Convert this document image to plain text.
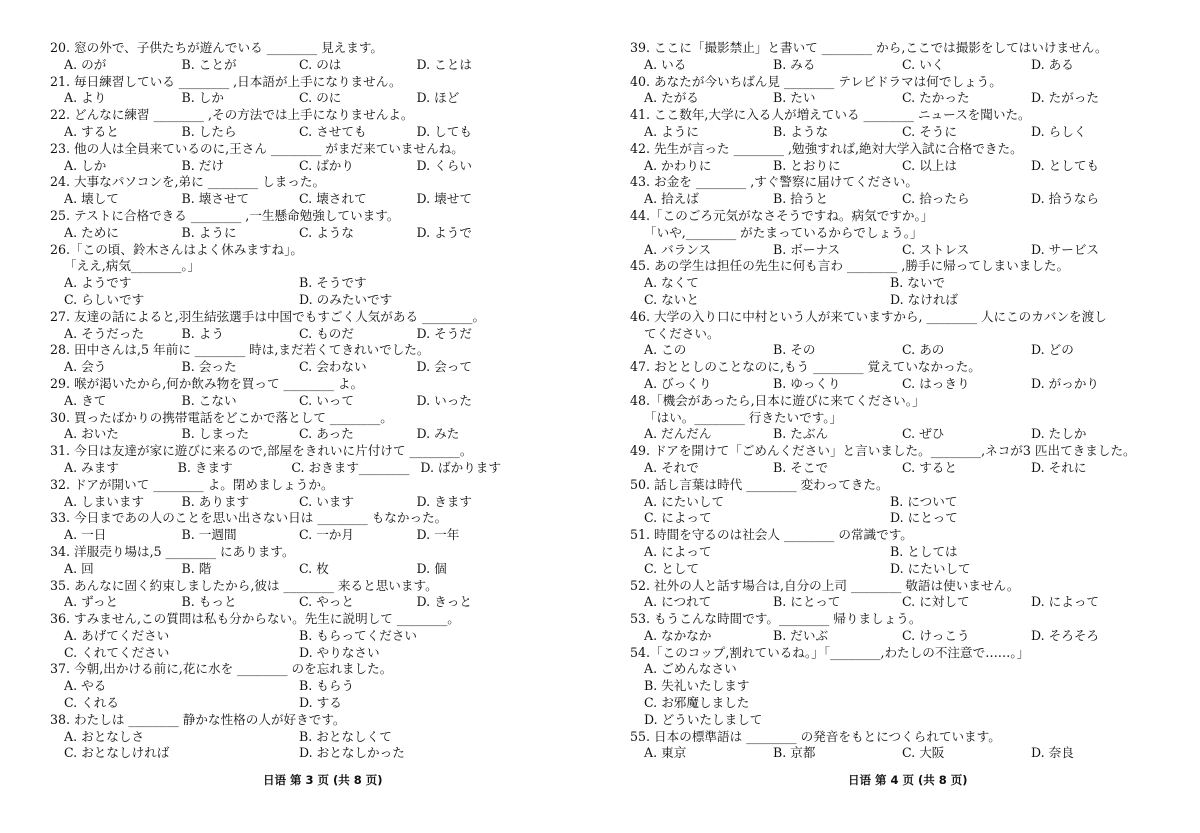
20. 窓の外で、子供たちが遊んでいる ________ 見えます。
A. のが	B. ことが	C. のは	D. ことは
21. 毎日練習している ________ ,日本語が上手になりません。
A. より	B. しか	C. のに	D. ほど
22. どんなに練習 ________ ,その方法では上手になりませんよ。
A. すると	B. したら	C. させても	D. しても
23. 他の人は全員来ているのに,王さん ________ がまだ来ていませんね。
A. しか	B. だけ	C. ばかり	D. くらい
24. 大事なパソコンを,弟に ________ しまった。
A. 壊して	B. 壊させて	C. 壊されて	D. 壊せて
25. テストに合格できる ________ ,一生懸命勉強しています。
A. ために	B. ように	C. ような	D. ようで
26.「この頃、鈴木さんはよく休みますね」。
「ええ,病気________。」
A. ようです	B. そうです
C. らしいです	D. のみたいです
27. 友達の話によると,羽生結弦選手は中国でもすごく人気がある ________。
A. そうだった	B. よう	C. ものだ	D. そうだ
28. 田中さんは,5 年前に ________ 時は,まだ若くてきれいでした。
A. 会う	B. 会った	C. 会わない	D. 会って
29. 喉が渇いたから,何か飲み物を買って ________ よ。
A. きて	B. こない	C. いって	D. いった
30. 買ったばかりの携帯電話をどこかで落として ________。
A. おいた	B. しまった	C. あった	D. みた
31. 今日は友達が家に遊びに来るので,部屋をきれいに片付けて ________。
A. みます	B. きます	C. おきます________ D. ばかります
32. ドアが開いて ________ よ。閉めましょうか。
A. しまいます	B. あります	C. います	D. きます
33. 今日まであの人のことを思い出さない日は ________ もなかった。
A. 一日	B. 一週間	C. 一か月	D. 一年
34. 洋服売り場は,5 ________ にあります。
A. 回	B. 階	C. 枚	D. 個
35. あんなに固く約束しましたから,彼は ________ 来ると思います。
A. ずっと	B. もっと	C. やっと	D. きっと
36. すみません,この質問は私も分からない。先生に説明して ________。
A. あげてください	B. もらってください
C. くれてください	D. やりなさい
37. 今朝,出かける前に,花に水を ________ のを忘れました。
A. やる	B. もらう
C. くれる	D. する
38. わたしは ________ 静かな性格の人が好きです。
A. おとなしさ	B. おとなしくて
C. おとなしければ	D. おとなしかった
39. ここに「撮影禁止」と書いて ________ から,ここでは撮影をしてはいけません。
A. いる	B. みる	C. いく	D. ある
40. あなたが今いちばん見 ________ テレビドラマは何でしょう。
A. たがる	B. たい	C. たかった	D. たがった
41. ここ数年,大学に入る人が増えている ________ ニュースを聞いた。
A. ように	B. ような	C. そうに	D. らしく
42. 先生が言った ________ ,勉強すれば,絶対大学入試に合格できた。
A. かわりに	B. とおりに	C. 以上は	D. としても
43. お金を ________ ,すぐ警察に届けてください。
A. 拾えば	B. 拾うと	C. 拾ったら	D. 拾うなら
44.「このごろ元気がなさそうですね。病気ですか。」
「いや,________ がたまっているからでしょう。」
A. バランス	B. ボーナス	C. ストレス	D. サービス
45. あの学生は担任の先生に何も言わ ________ ,勝手に帰ってしまいました。
A. なくて	B. ないで
C. ないと	D. なければ
46. 大学の入り口に中村という人が来ていますから, ________ 人にこのカバンを渡し
てください。
A. この	B. その	C. あの	D. どの
47. おととしのことなのに,もう ________ 覚えていなかった。
A. びっくり	B. ゆっくり	C. はっきり	D. がっかり
48.「機会があったら,日本に遊びに来てください。」
「はい。________ 行きたいです。」
A. だんだん	B. たぶん	C. ぜひ	D. たしか
49. ドアを開けて「ごめんください」と言いました。________,ネコが3 匹出てきました。
A. それで	B. そこで	C. すると	D. それに
50. 話し言葉は時代 ________ 変わってきた。
A. にたいして	B. について
C. によって	D. にとって
51. 時間を守るのは社会人 ________ の常識です。
A. によって	B. としては
C. として	D. にたいして
52. 社外の人と話す場合は,自分の上司 ________ 敬語は使いません。
A. につれて	B. にとって	C. に対して	D. によって
53. もうこんな時間です。________ 帰りましょう。
A. なかなか	B. だいぶ	C. けっこう	D. そろそろ
54.「このコップ,割れているね。」「________,わたしの不注意で……。」
A. ごめんなさい
B. 失礼いたします
C. お邪魔しました
D. どういたしまして
55. 日本の標準語は ________ の発音をもとにつくられています。
A. 東京	B. 京都	C. 大阪	D. 奈良
日语 第 3 页 (共 8 页)	日语 第 4 页 (共 8 页)
